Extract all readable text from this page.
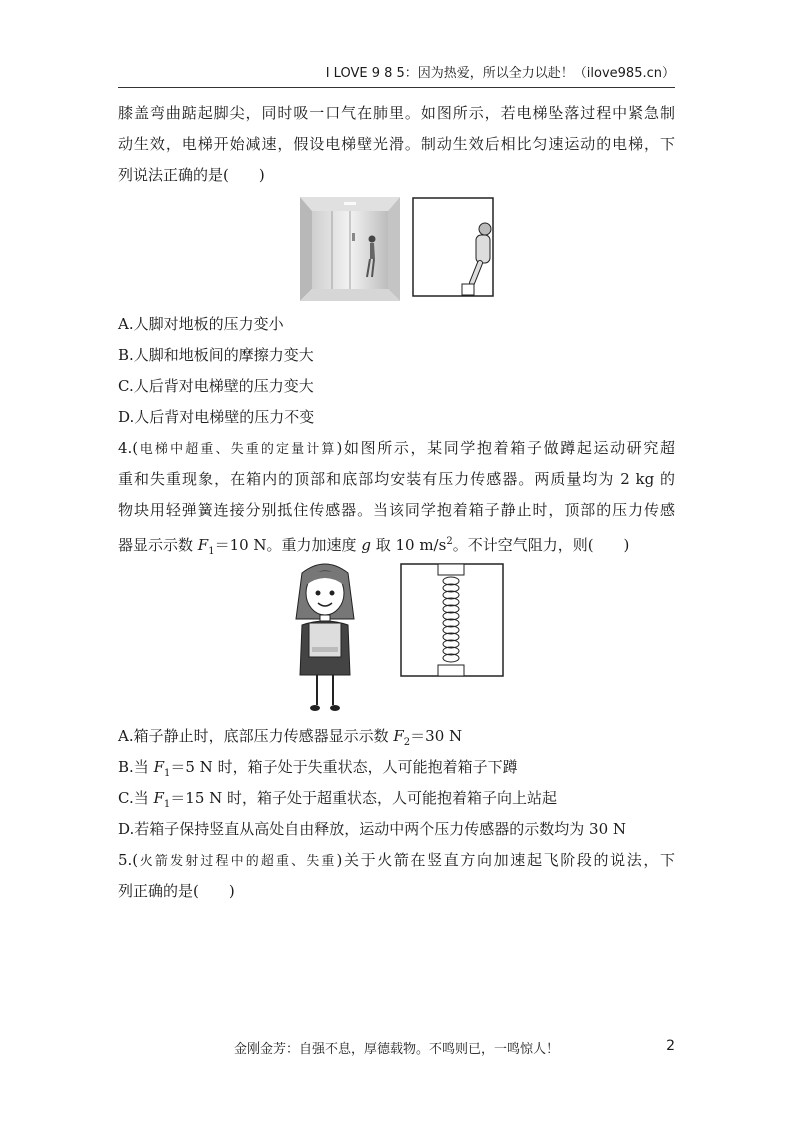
I LOVE 9 8 5：因为热爱，所以全力以赴！（ilove985.cn）
膝盖弯曲踮起脚尖，同时吸一口气在肺里。如图所示，若电梯坠落过程中紧急制
动生效，电梯开始减速，假设电梯壁光滑。制动生效后相比匀速运动的电梯，下
列说法正确的是(　　)
A.人脚对地板的压力变小
B.人脚和地板间的摩擦力变大
C.人后背对电梯壁的压力变大
D.人后背对电梯壁的压力不变
4.(电梯中超重、失重的定量计算)如图所示，某同学抱着箱子做蹲起运动研究超
重和失重现象，在箱内的顶部和底部均安装有压力传感器。两质量均为 2 kg 的
物块用轻弹簧连接分别抵住传感器。当该同学抱着箱子静止时，顶部的压力传感
器显示示数 $F_1=10$ N。重力加速度 g 取 10 $m/s^2$。不计空气阻力，则(　　)
A.箱子静止时，底部压力传感器显示示数 $F_2=30$ N
B.当 $F_1=5$ N 时，箱子处于失重状态，人可能抱着箱子下蹲
C.当 $F_1=15$ N 时，箱子处于超重状态，人可能抱着箱子向上站起
D.若箱子保持竖直从高处自由释放，运动中两个压力传感器的示数均为 30 N
5.(火箭发射过程中的超重、失重)关于火箭在竖直方向加速起飞阶段的说法，下
列正确的是(　　)
金刚金芳：自强不息，厚德载物。不鸣则已，一鸣惊人！	2
